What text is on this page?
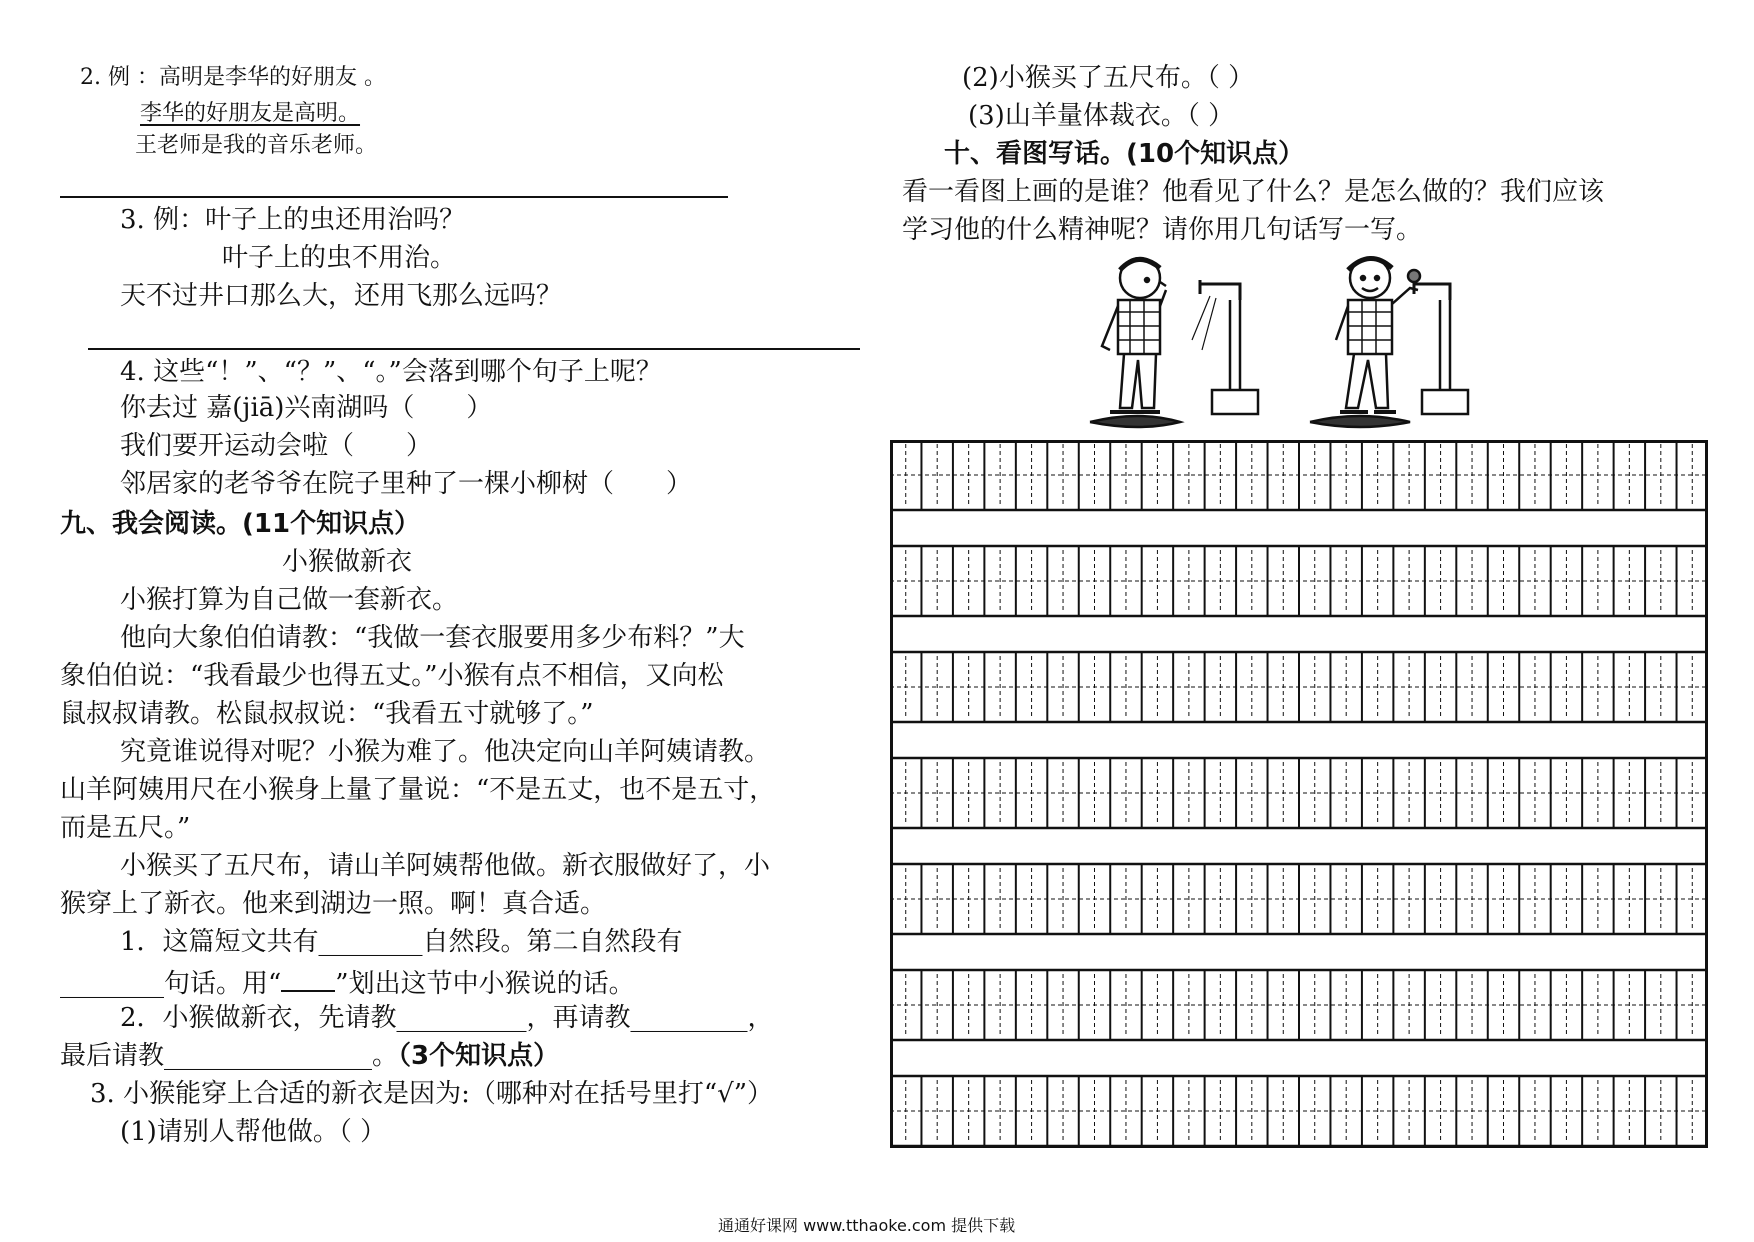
2. 例 ：高明是李华的好朋友 。
李华的好朋友是高明。
王老师是我的音乐老师。
3. 例：叶子上的虫还用治吗？
叶子上的虫不用治。
天不过井口那么大，还用飞那么远吗？
4. 这些“！”、“？”、“。”会落到哪个句子上呢？
你去过 嘉(jiā)兴南湖吗（　　）
我们要开运动会啦（　　）
邻居家的老爷爷在院子里种了一棵小柳树（　　）
九、我会阅读。(11个知识点）
小猴做新衣
小猴打算为自己做一套新衣。
他向大象伯伯请教：“我做一套衣服要用多少布料？”大
象伯伯说：“我看最少也得五丈。”小猴有点不相信，又向松
鼠叔叔请教。松鼠叔叔说：“我看五寸就够了。”
究竟谁说得对呢？小猴为难了。他决定向山羊阿姨请教。
山羊阿姨用尺在小猴身上量了量说：“不是五丈，也不是五寸，
而是五尺。”
小猴买了五尺布，请山羊阿姨帮他做。新衣服做好了，小
猴穿上了新衣。他来到湖边一照。啊！真合适。
1．这篇短文共有________自然段。第二自然段有
________句话。用“ ”划出这节中小猴说的话。
2．小猴做新衣，先请教__________，再请教_________，
最后请教________________。（3个知识点）
3. 小猴能穿上合适的新衣是因为:（哪种对在括号里打“√”）
(1)请别人帮他做。（ ）
(2)小猴买了五尺布。（ ）
(3)山羊量体裁衣。（ ）
十、看图写话。(10个知识点）
看一看图上画的是谁？他看见了什么？是怎么做的？我们应该
学习他的什么精神呢？请你用几句话写一写。
通通好课网 www.tthaoke.com 提供下载
